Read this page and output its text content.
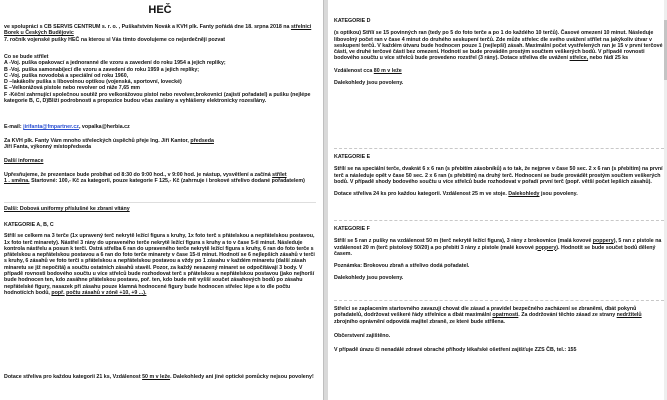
HEČ

ve spolupráci s CB SERVIS CENTRUM s. r. o. , Puškařstvím Novák a KVH plk. Fanty pořádá dne 18. srpna 2018 na střelnici Borek u Českých Budějovic

7. ročník vojenské pušky HEČ na kterou si Vás tímto dovolujeme co nejsrdečněji pozvat

Co se bude střílet

A -Voj. puška opakovací a jednoranné dle vzoru a zavedení do roku 1954 a jejich repliky;

B -Voj. puška samonabíjecí dle vzoru a zavedení do roku 1959 a jejich repliky;

C -Voj. puška novodobá a speciální od roku 1960,

D –lakákoliv puška s libovolnou optikou (vojenská, sportovní, lovecké)

E –Velkorážová pistole nebo revolver od ráže 7,65 mm

F -Kéční zahrnující společnou soutěž pro velkorážovou pistol nebo revolver,brokovnici (zajistí pořadatel) a pušku (nejlépe kategorie B, C, D)Bliží podrobnosti a propozice budou včas zaslány a vyhlášeny elektronicky rozesílány.

E-mail: jirifanta@fmpartner.cz, vopalka@herbia.cz

Za KVH plk. Fanty Vám mnoho střeleckých úspěchů přeje Ing. Jiří Kantor, předseda

Jiří Fanta, výkonný místopředseda

Další informace

Upřesňujeme, že prezentace bude probíhat od 8:30 do 9:00 hod., v 9:00 hod. je nástup, vysvětlení a začíná střílet

1 . směna. Startovné: 100,- Kč za kategorii, pouze kategorie F 125,- Kč (zahrnuje i brokové střelivo dodané pořadatelem)

Dalši: Dobová uniformy příslušné ke zbrani vítány

KATEGORIE A, B, C

Střílí se celkem na 3 terče (1x upravený terč nekrytě ležící figura s kruhy, 1x foto terč s přátelskou a nepřátelskou postavou, 1x foto terč minarety). Nástřel 3 rány do upraveného terče nekrytě ležící figura s kruhy a to v čase 5-ti minut. Následuje kontrola nástřelu a posun k terči. Ostrá střelba 6 ran do upraveného terče nekrytě ležící figura s kruhy, 6 ran do foto terče s přátelskou a nepřátelskou postavou a 6 ran do foto terče minarety v čase 15-ti minut. Hodnotí se 6 nejlepších zásahů v terči s kruhy, 6 zásahů ve foto terči s přátelskou a nepřátelskou postavou a vždy po 1 zásahu v každém minaretu (další zásah minaretu se již nepočítá) a součtu ostatních zásahů stavěl. Pozor, za každý nesazený minaret se odpočítávají 3 body. V případě rovnosti bodového součtu u více střelců bude rozhodovat terč s přátelskou a nepřátelskou postavou (jako nejhorší bude hodnocen ten, kdo zasáhne přátelskou postavu, poř. ten, kdo bude mít vyšší součet zásahových bodů po zásahu nepřátelské figury, nasazek při zásahu pouze klamná hodnocené figury bude hodnocen střelec lépe a to dle počtu hodnotících bodů, popř. počtu zásahů v zóně +10, +9 ...).

Dotace střeliva pro každou kategorii 21 ks, Vzdálenost 50 m v leže. Dalekohledy ani jiné optické pomůcky nejsou povoleny!

KATEGORIE D

(s optikou) Střílí se 15 povinných ran (tedy po 5 do foto terče a po 1 do každého 10 terčů). Časové omezení 10 minut. Následuje libovolný počet ran v čase 4 minut do druhého seskupení terčů. Zde může střelec dle svého uvážení střílet na jakýkoliv útvar v seskupení terčů. V každém útvaru bude hodnocen pouze 1 (nejlepší) zásah. Maximální počet vystřelených ran je 15 v první terčové části, ve druhé terčové části bez omezení. Hodnotí se bude prováděn prostým součtem veškerých bodů. V případě rovnosti bodového součtu u více střelců bude provedeno rozstřel (3 rány). Dotace střeliva dle uvážení střelce, nebo řádí 25 ks

Vzdálenost cca 80 m v leže

Dalekohledy jsou povoleny.

KATEGORIE E

Střílí se na speciální terče, dvakrát 6 x 6 ran (s přebitím zásobníků) a to tak, že nejprve v čase 50 sec. 2 x 6 ran (s přebitím) na první terč a následuje opět v čase 50 sec. 2 x 6 ran (s přebitím) na druhý terč. Hodnocení se bude provádět prostým součtem veškerých bodů. V případě shody bodového součtu u více střelců bude rozhodovat v pořadí první terč (popř. větší počet lepších zásahů).

Dotace střeliva 24 ks pro každou kategorii. Vzdálenost 25 m ve stoje. Dalekohledy jsou povoleny.

KATEGORIE F

Střílí se 5 ran z pušky na vzdálenost 50 m (terč nekrytě ležící figura), 3 rány z brokovnice (malá kovové poppery), 5 ran z pistole na vzdálenost 20 m (terč pistolový 50/20) a po přebití 3 rány z pistole (malé kovové poppery). Hodnotit se bude součet bodů dělený časem.

Poznámka: Brokovou zbraň a střelivo dodá pořadatel.

Dalekohledy jsou povoleny.

Střelci se zaplacením startovného zavazují chovat dle zásad a pravidel bezpečného zacházení se zbraněmi, dbát pokynů pořadatelů, dodržovat veškeré řády střelnice a dbát maximální opatrnosti. Za dodržování těchto zásad ze strany nedržitelů zbrojního oprávnění odpovídá majitel zbraně, ze které bude střílena.

Občerstvení zajištěno.

V případě úrazu či nenadálé zdravé obraché příhody lékařské ošetření zajišťuje ZZS ČB, tel.: 155
